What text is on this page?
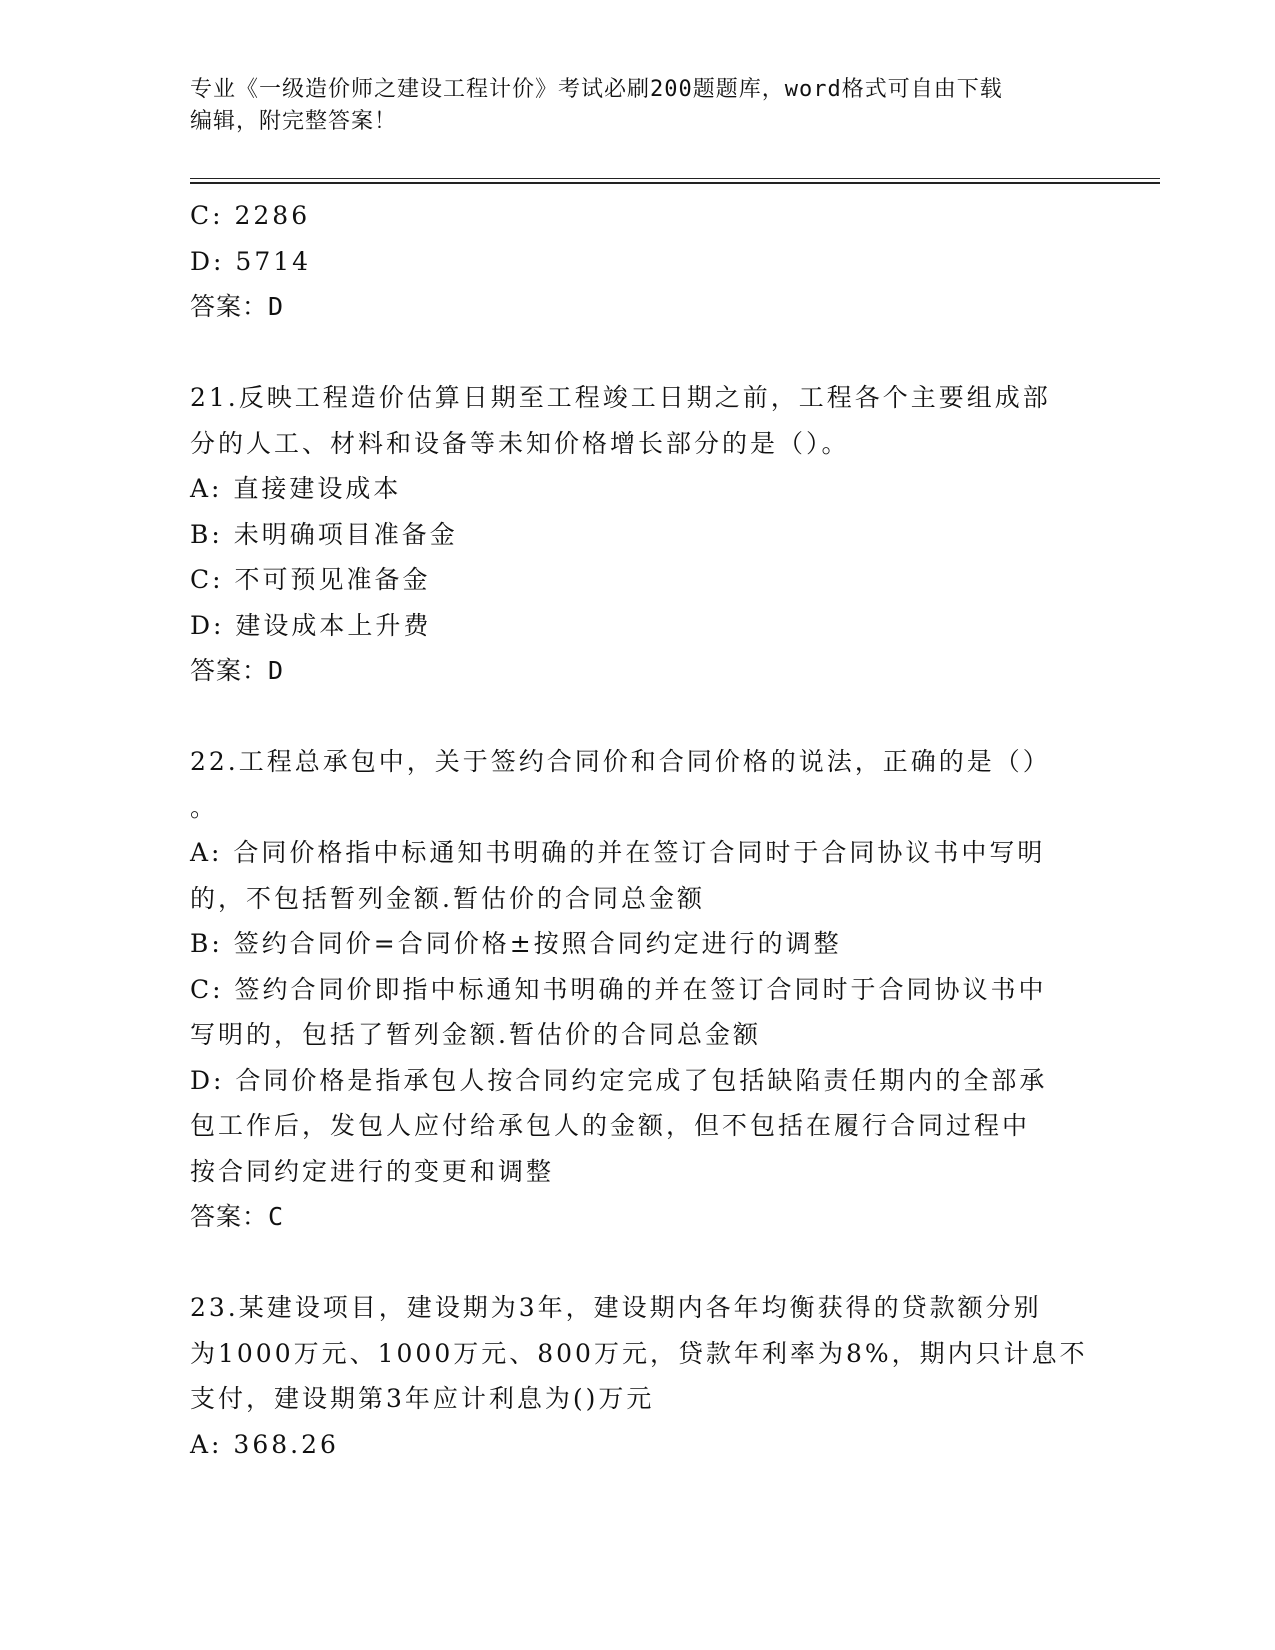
专业《一级造价师之建设工程计价》考试必刷200题题库，word格式可自由下载
编辑，附完整答案！
C: 2286
D: 5714
答案：D
21.反映工程造价估算日期至工程竣工日期之前，工程各个主要组成部
分的人工、材料和设备等未知价格增长部分的是（）。
A: 直接建设成本
B: 未明确项目准备金
C: 不可预见准备金
D: 建设成本上升费
答案：D
22.工程总承包中，关于签约合同价和合同价格的说法，正确的是（）
。
A: 合同价格指中标通知书明确的并在签订合同时于合同协议书中写明
的，不包括暂列金额.暂估价的合同总金额
B: 签约合同价=合同价格±按照合同约定进行的调整
C: 签约合同价即指中标通知书明确的并在签订合同时于合同协议书中
写明的，包括了暂列金额.暂估价的合同总金额
D: 合同价格是指承包人按合同约定完成了包括缺陷责任期内的全部承
包工作后，发包人应付给承包人的金额，但不包括在履行合同过程中
按合同约定进行的变更和调整
答案：C
23.某建设项目，建设期为3年，建设期内各年均衡获得的贷款额分别
为1000万元、1000万元、800万元，贷款年利率为8%，期内只计息不
支付，建设期第3年应计利息为()万元
A: 368.26
